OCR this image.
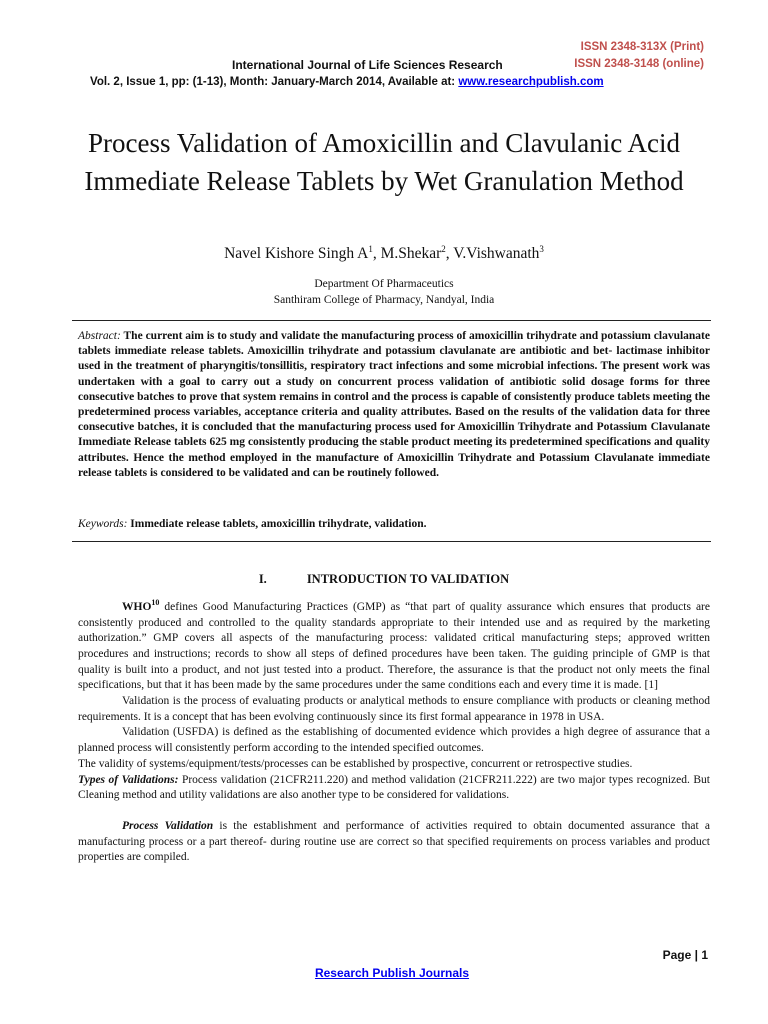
ISSN 2348-313X (Print)
ISSN 2348-3148 (online)
International Journal of Life Sciences Research
Vol. 2, Issue 1, pp: (1-13), Month: January-March 2014, Available at: www.researchpublish.com
Process Validation of Amoxicillin and Clavulanic Acid Immediate Release Tablets by Wet Granulation Method
Navel Kishore Singh $A^1$, M.Shekar$^2$, V.Vishwanath$^3$
Department Of Pharmaceutics
Santhiram College of Pharmacy, Nandyal, India
Abstract: The current aim is to study and validate the manufacturing process of amoxicillin trihydrate and potassium clavulanate tablets immediate release tablets. Amoxicillin trihydrate and potassium clavulanate are antibiotic and bet- lactimase inhibitor used in the treatment of pharyngitis/tonsillitis, respiratory tract infections and some microbial infections. The present work was undertaken with a goal to carry out a study on concurrent process validation of antibiotic solid dosage forms for three consecutive batches to prove that system remains in control and the process is capable of consistently produce tablets meeting the predetermined process variables, acceptance criteria and quality attributes. Based on the results of the validation data for three consecutive batches, it is concluded that the manufacturing process used for Amoxicillin Trihydrate and Potassium Clavulanate Immediate Release tablets 625 mg consistently producing the stable product meeting its predetermined specifications and quality attributes. Hence the method employed in the manufacture of Amoxicillin Trihydrate and Potassium Clavulanate immediate release tablets is considered to be validated and can be routinely followed.
Keywords: Immediate release tablets, amoxicillin trihydrate, validation.
I.	INTRODUCTION TO VALIDATION

WHO$^{10}$ defines Good Manufacturing Practices (GMP) as “that part of quality assurance which ensures that products are consistently produced and controlled to the quality standards appropriate to their intended use and as required by the marketing authorization.” GMP covers all aspects of the manufacturing process: validated critical manufacturing steps; approved written procedures and instructions; records to show all steps of defined procedures have been taken. The guiding principle of GMP is that quality is built into a product, and not just tested into a product. Therefore, the assurance is that the product not only meets the final specifications, but that it has been made by the same procedures under the same conditions each and every time it is made. [1]

Validation is the process of evaluating products or analytical methods to ensure compliance with products or cleaning method requirements. It is a concept that has been evolving continuously since its first formal appearance in 1978 in USA.

Validation (USFDA) is defined as the establishing of documented evidence which provides a high degree of assurance that a planned process will consistently perform according to the intended specified outcomes.

The validity of systems/equipment/tests/processes can be established by prospective, concurrent or retrospective studies.

Types of Validations: Process validation (21CFR211.220) and method validation (21CFR211.222) are two major types recognized. But Cleaning method and utility validations are also another type to be considered for validations.

Process Validation is the establishment and performance of activities required to obtain documented assurance that a manufacturing process or a part thereof- during routine use are correct so that specified requirements on process variables and product properties are compiled.

Page | 1
Research Publish Journals
